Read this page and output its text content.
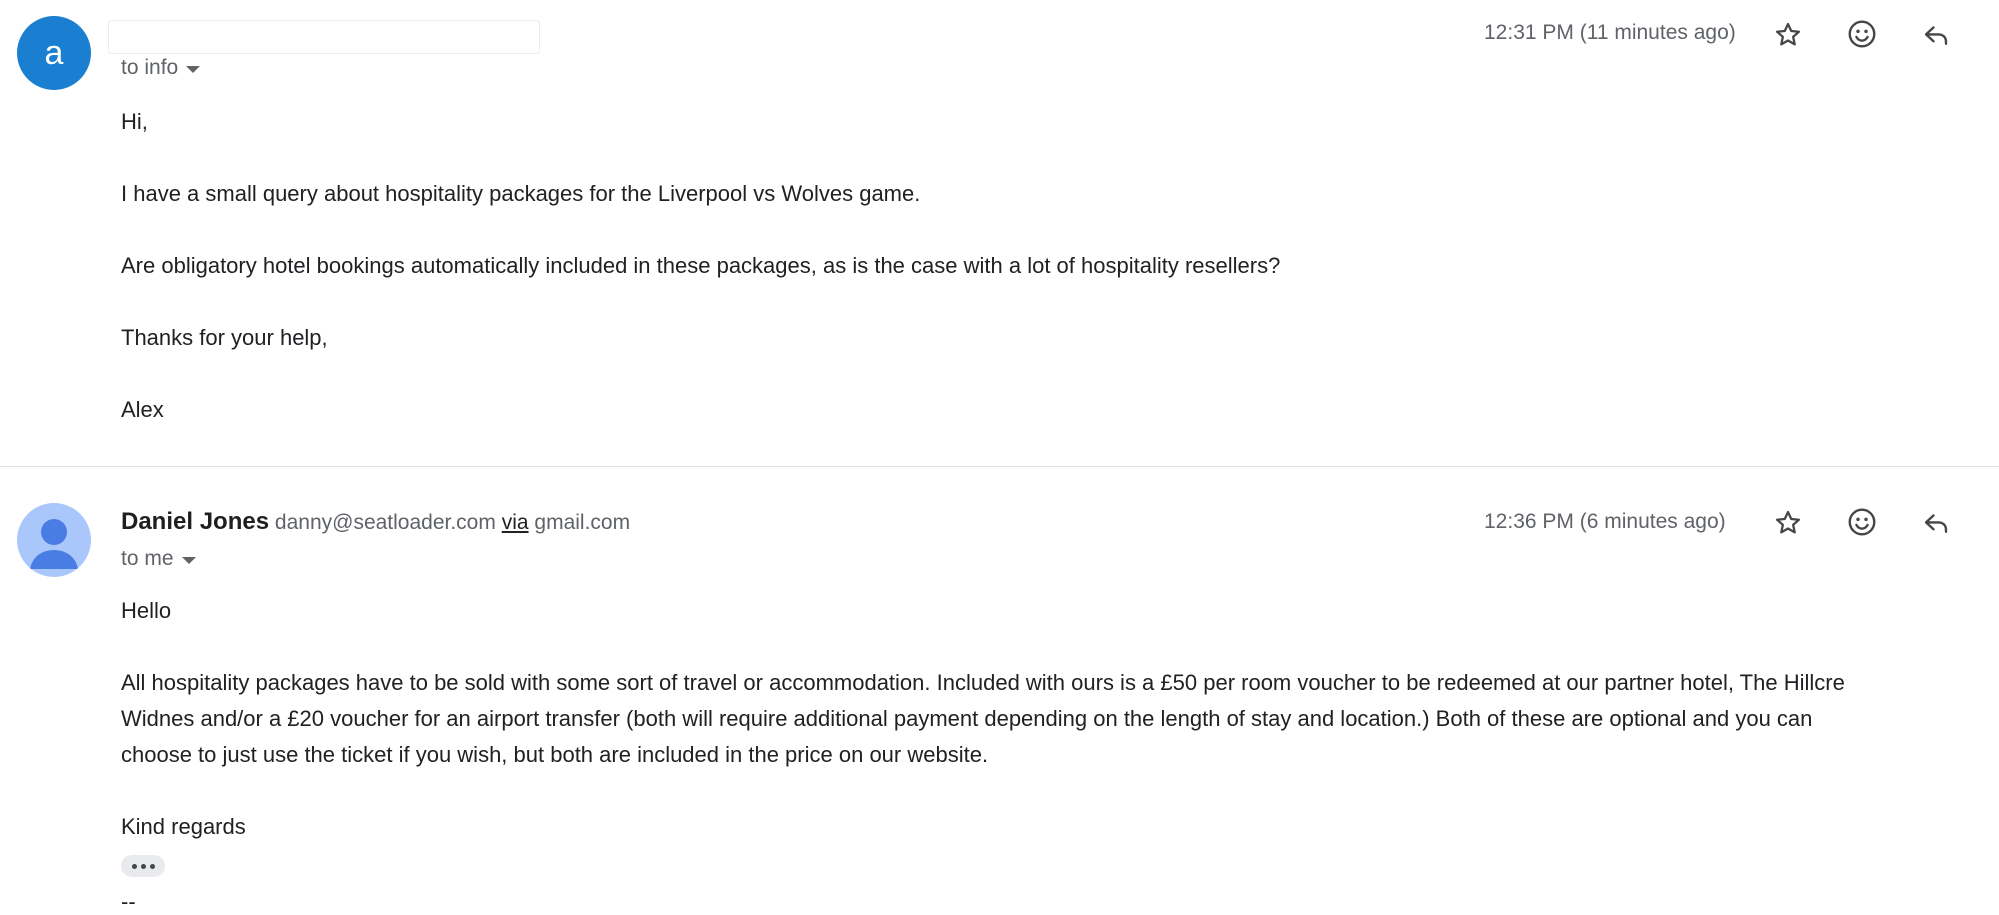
a	to info
12:31 PM (11 minutes ago)

Hi,

I have a small query about hospitality packages for the Liverpool vs Wolves game.

Are obligatory hotel bookings automatically included in these packages, as is the case with a lot of hospitality resellers?

Thanks for your help,

Alex

Daniel Jones danny@seatloader.com via gmail.com
to me
12:36 PM (6 minutes ago)

Hello

All hospitality packages have to be sold with some sort of travel or accommodation. Included with ours is a £50 per room voucher to be redeemed at our partner hotel, The Hillcre

Widnes and/or a £20 voucher for an airport transfer (both will require additional payment depending on the length of stay and location.) Both of these are optional and you can

choose to just use the ticket if you wish, but both are included in the price on our website.

Kind regards

--
